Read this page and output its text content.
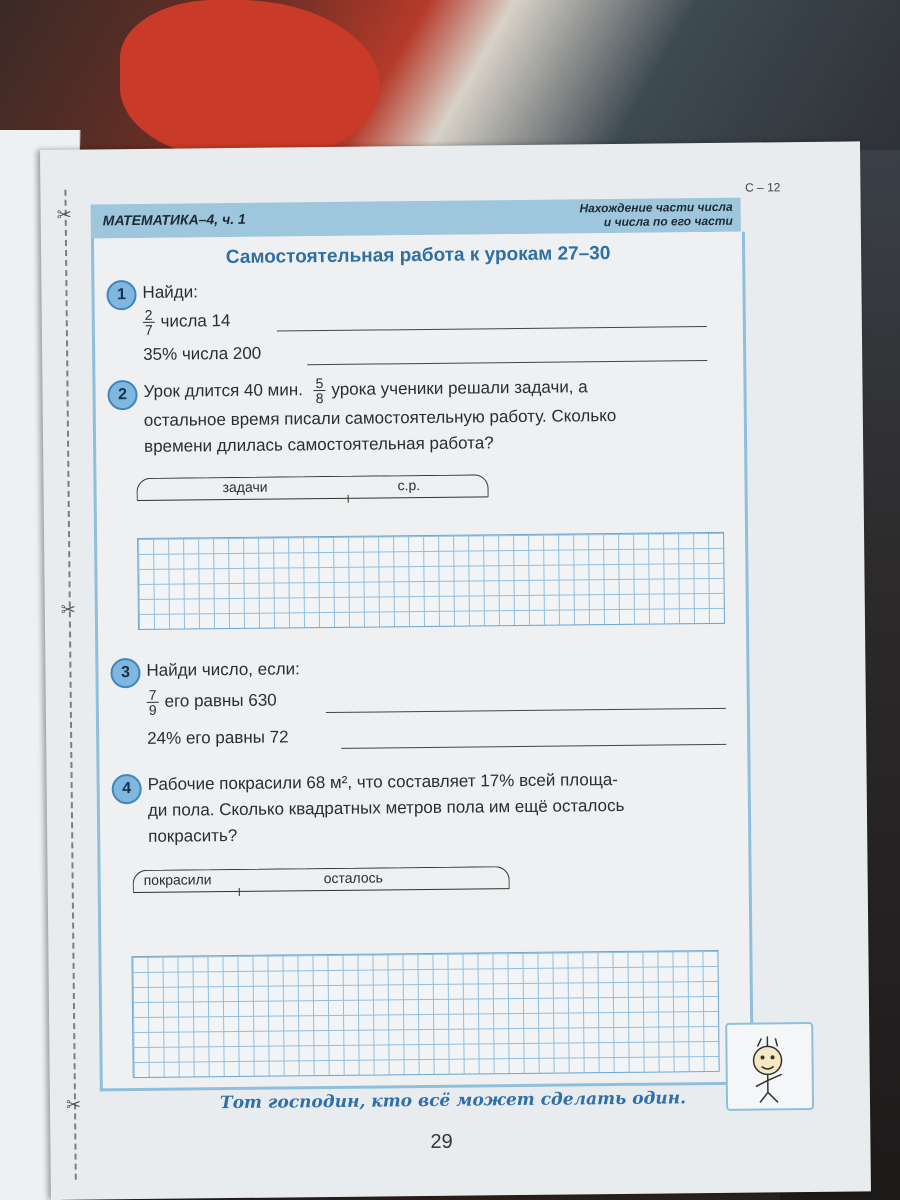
✂
✂
✂
С – 12
МАТЕМАТИКА–4, ч. 1
Нахождение части числа
и числа по его части
Самостоятельная работа к урокам 27–30
1 Найди:
$\frac{2}{7}$ числа 14
35% числа 200
2 Урок длится 40 мин. $\frac{5}{8}$ урока ученики решали задачи, а
остальное время писали самостоятельную работу. Сколько
времени длилась самостоятельная работа?
задачи	с.р.
3 Найди число, если:
$\frac{7}{9}$ его равны 630
24% его равны 72
4 Рабочие покрасили 68 м², что составляет 17% всей площа-
ди пола. Сколько квадратных метров пола им ещё осталось
покрасить?
покрасили	осталось
Тот господин, кто всё может сделать один.
29
